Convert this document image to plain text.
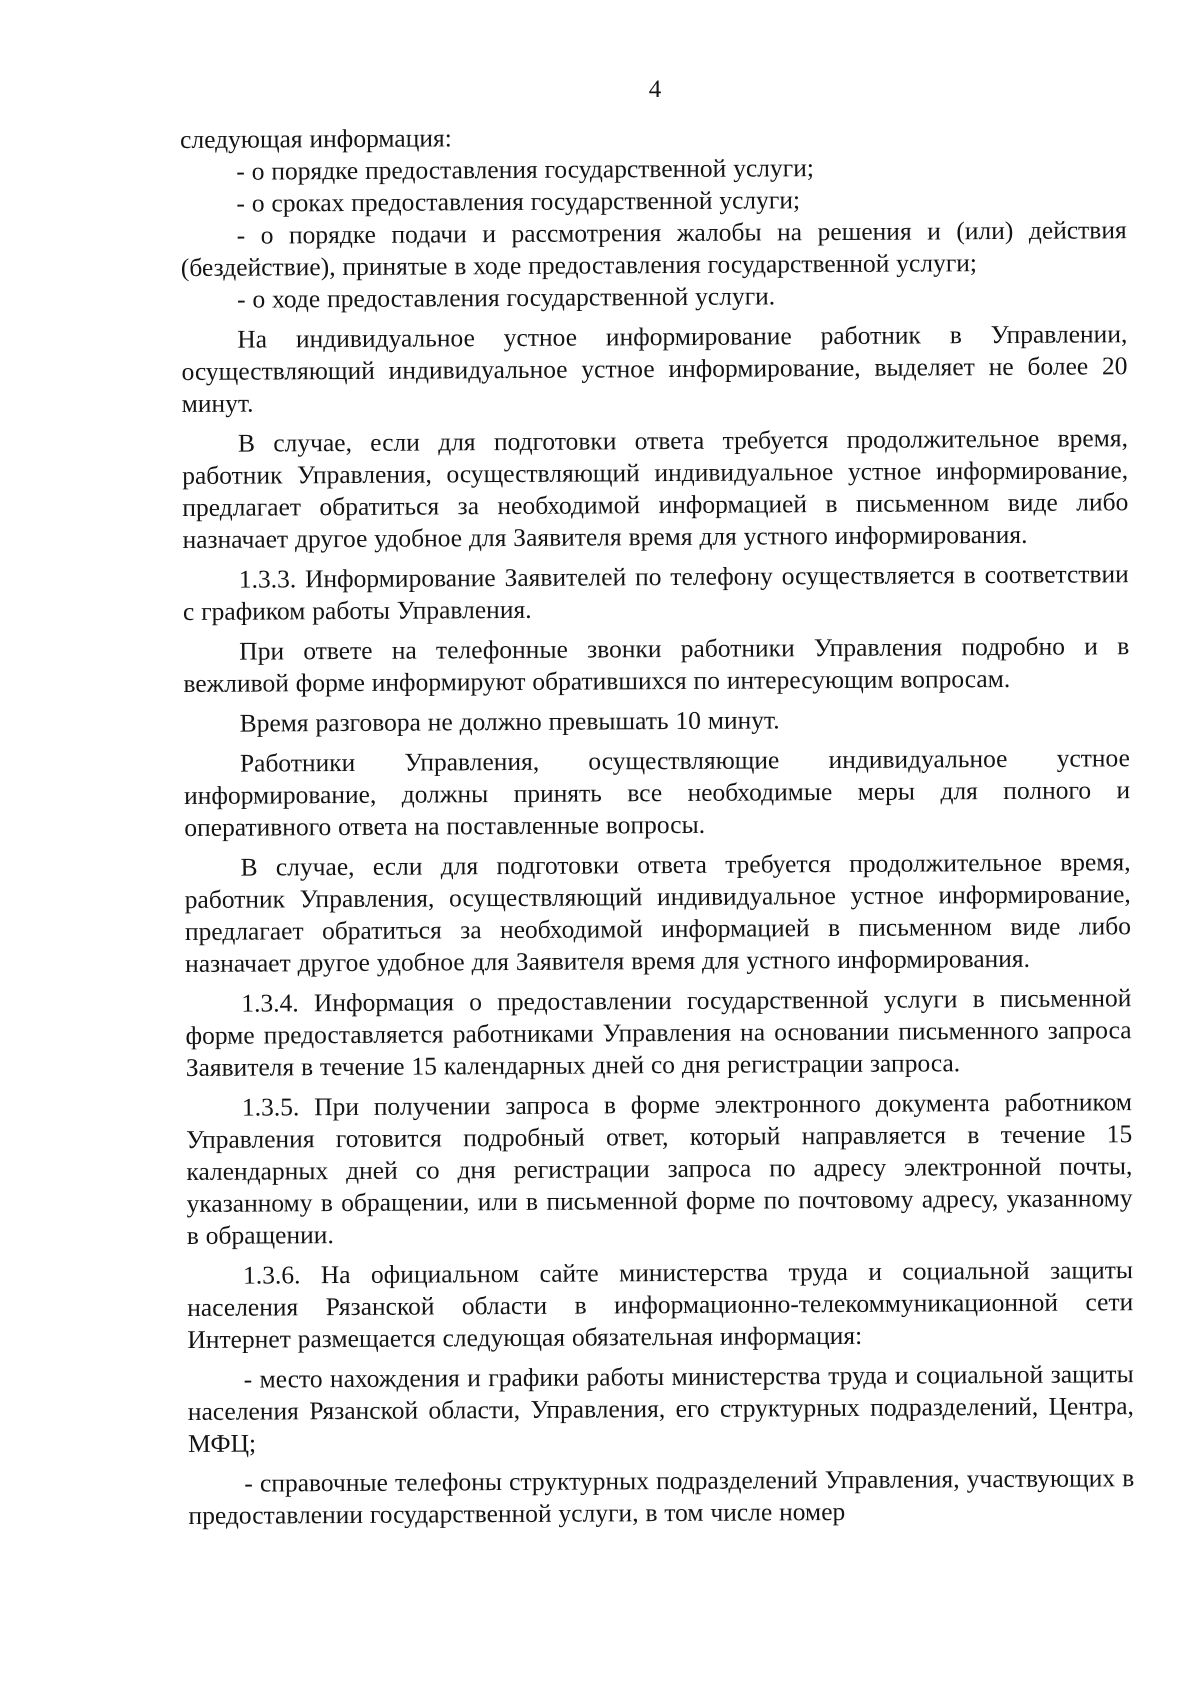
4

следующая информация:

- о порядке предоставления государственной услуги;

- о сроках предоставления государственной услуги;

- о порядке подачи и рассмотрения жалобы на решения и (или) действия (бездействие), принятые в ходе предоставления государственной услуги;

- о ходе предоставления государственной услуги.

На индивидуальное устное информирование работник в Управлении, осуществляющий индивидуальное устное информирование, выделяет не более 20 минут.

В случае, если для подготовки ответа требуется продолжительное время, работник Управления, осуществляющий индивидуальное устное информирование, предлагает обратиться за необходимой информацией в письменном виде либо назначает другое удобное для Заявителя время для устного информирования.

1.3.3. Информирование Заявителей по телефону осуществляется в соответствии с графиком работы Управления.

При ответе на телефонные звонки работники Управления подробно и в вежливой форме информируют обратившихся по интересующим вопросам.

Время разговора не должно превышать 10 минут.

Работники Управления, осуществляющие индивидуальное устное информирование, должны принять все необходимые меры для полного и оперативного ответа на поставленные вопросы.

В случае, если для подготовки ответа требуется продолжительное время, работник Управления, осуществляющий индивидуальное устное информирование, предлагает обратиться за необходимой информацией в письменном виде либо назначает другое удобное для Заявителя время для устного информирования.

1.3.4. Информация о предоставлении государственной услуги в письменной форме предоставляется работниками Управления на основании письменного запроса Заявителя в течение 15 календарных дней со дня регистрации запроса.

1.3.5. При получении запроса в форме электронного документа работником Управления готовится подробный ответ, который направляется в течение 15 календарных дней со дня регистрации запроса по адресу электронной почты, указанному в обращении, или в письменной форме по почтовому адресу, указанному в обращении.

1.3.6. На официальном сайте министерства труда и социальной защиты населения Рязанской области в информационно-телекоммуникационной сети Интернет размещается следующая обязательная информация:

- место нахождения и графики работы министерства труда и социальной защиты населения Рязанской области, Управления, его структурных подразделений, Центра, МФЦ;

- справочные телефоны структурных подразделений Управления, участвующих в предоставлении государственной услуги, в том числе номер
